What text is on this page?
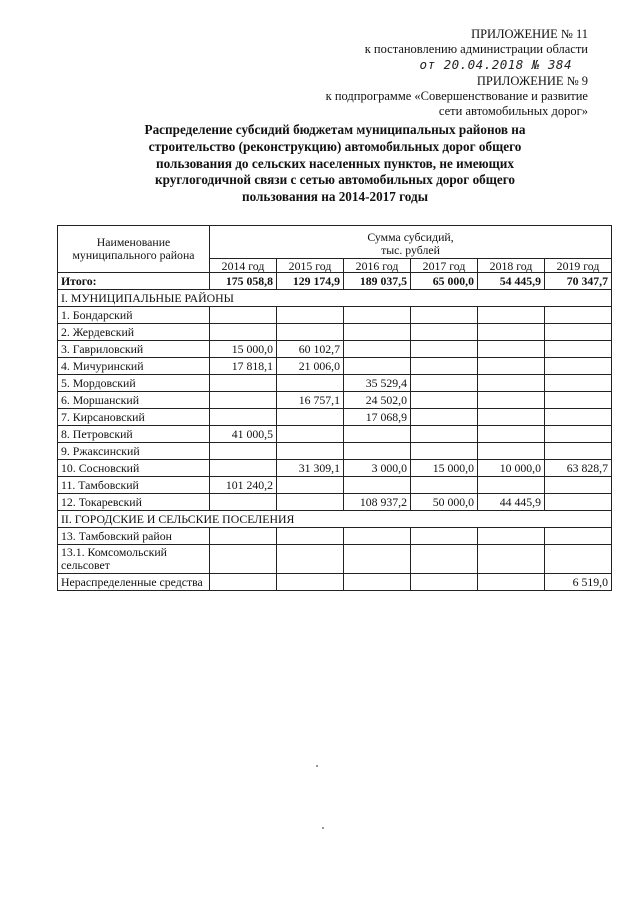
ПРИЛОЖЕНИЕ № 11
к постановлению администрации области
от 20.04.2018 № 384
ПРИЛОЖЕНИЕ № 9
к подпрограмме «Совершенствование и развитие
сети автомобильных дорог»
Распределение субсидий бюджетам муниципальных районов на
строительство (реконструкцию) автомобильных дорог общего
пользования до сельских населенных пунктов, не имеющих
круглогодичной связи с сетью автомобильных дорог общего
пользования на 2014-2017 годы
Наименование муниципального района	Сумма субсидий,
тыс. рублей					

	2014 год	2015 год	2016 год	2017 год	2018 год	2019 год
Итого:	175 058,8	129 174,9	189 037,5	65 000,0	54 445,9	70 347,7
I. МУНИЦИПАЛЬНЫЕ РАЙОНЫ						
1. Бондарский						
2. Жердевский						
3. Гавриловский	15 000,0	60 102,7				
4. Мичуринский	17 818,1	21 006,0				
5. Мордовский			35 529,4			
6. Моршанский		16 757,1	24 502,0			
7. Кирсановский			17 068,9			
8. Петровский	41 000,5					
9. Ржаксинский						
10. Сосновский		31 309,1	3 000,0	15 000,0	10 000,0	63 828,7
11. Тамбовский	101 240,2					
12. Токаревский			108 937,2	50 000,0	44 445,9	
II. ГОРОДСКИЕ И СЕЛЬСКИЕ ПОСЕЛЕНИЯ						
13. Тамбовский район						
13.1. Комсомольский сельсовет						
Нераспределенные средства						6 519,0
